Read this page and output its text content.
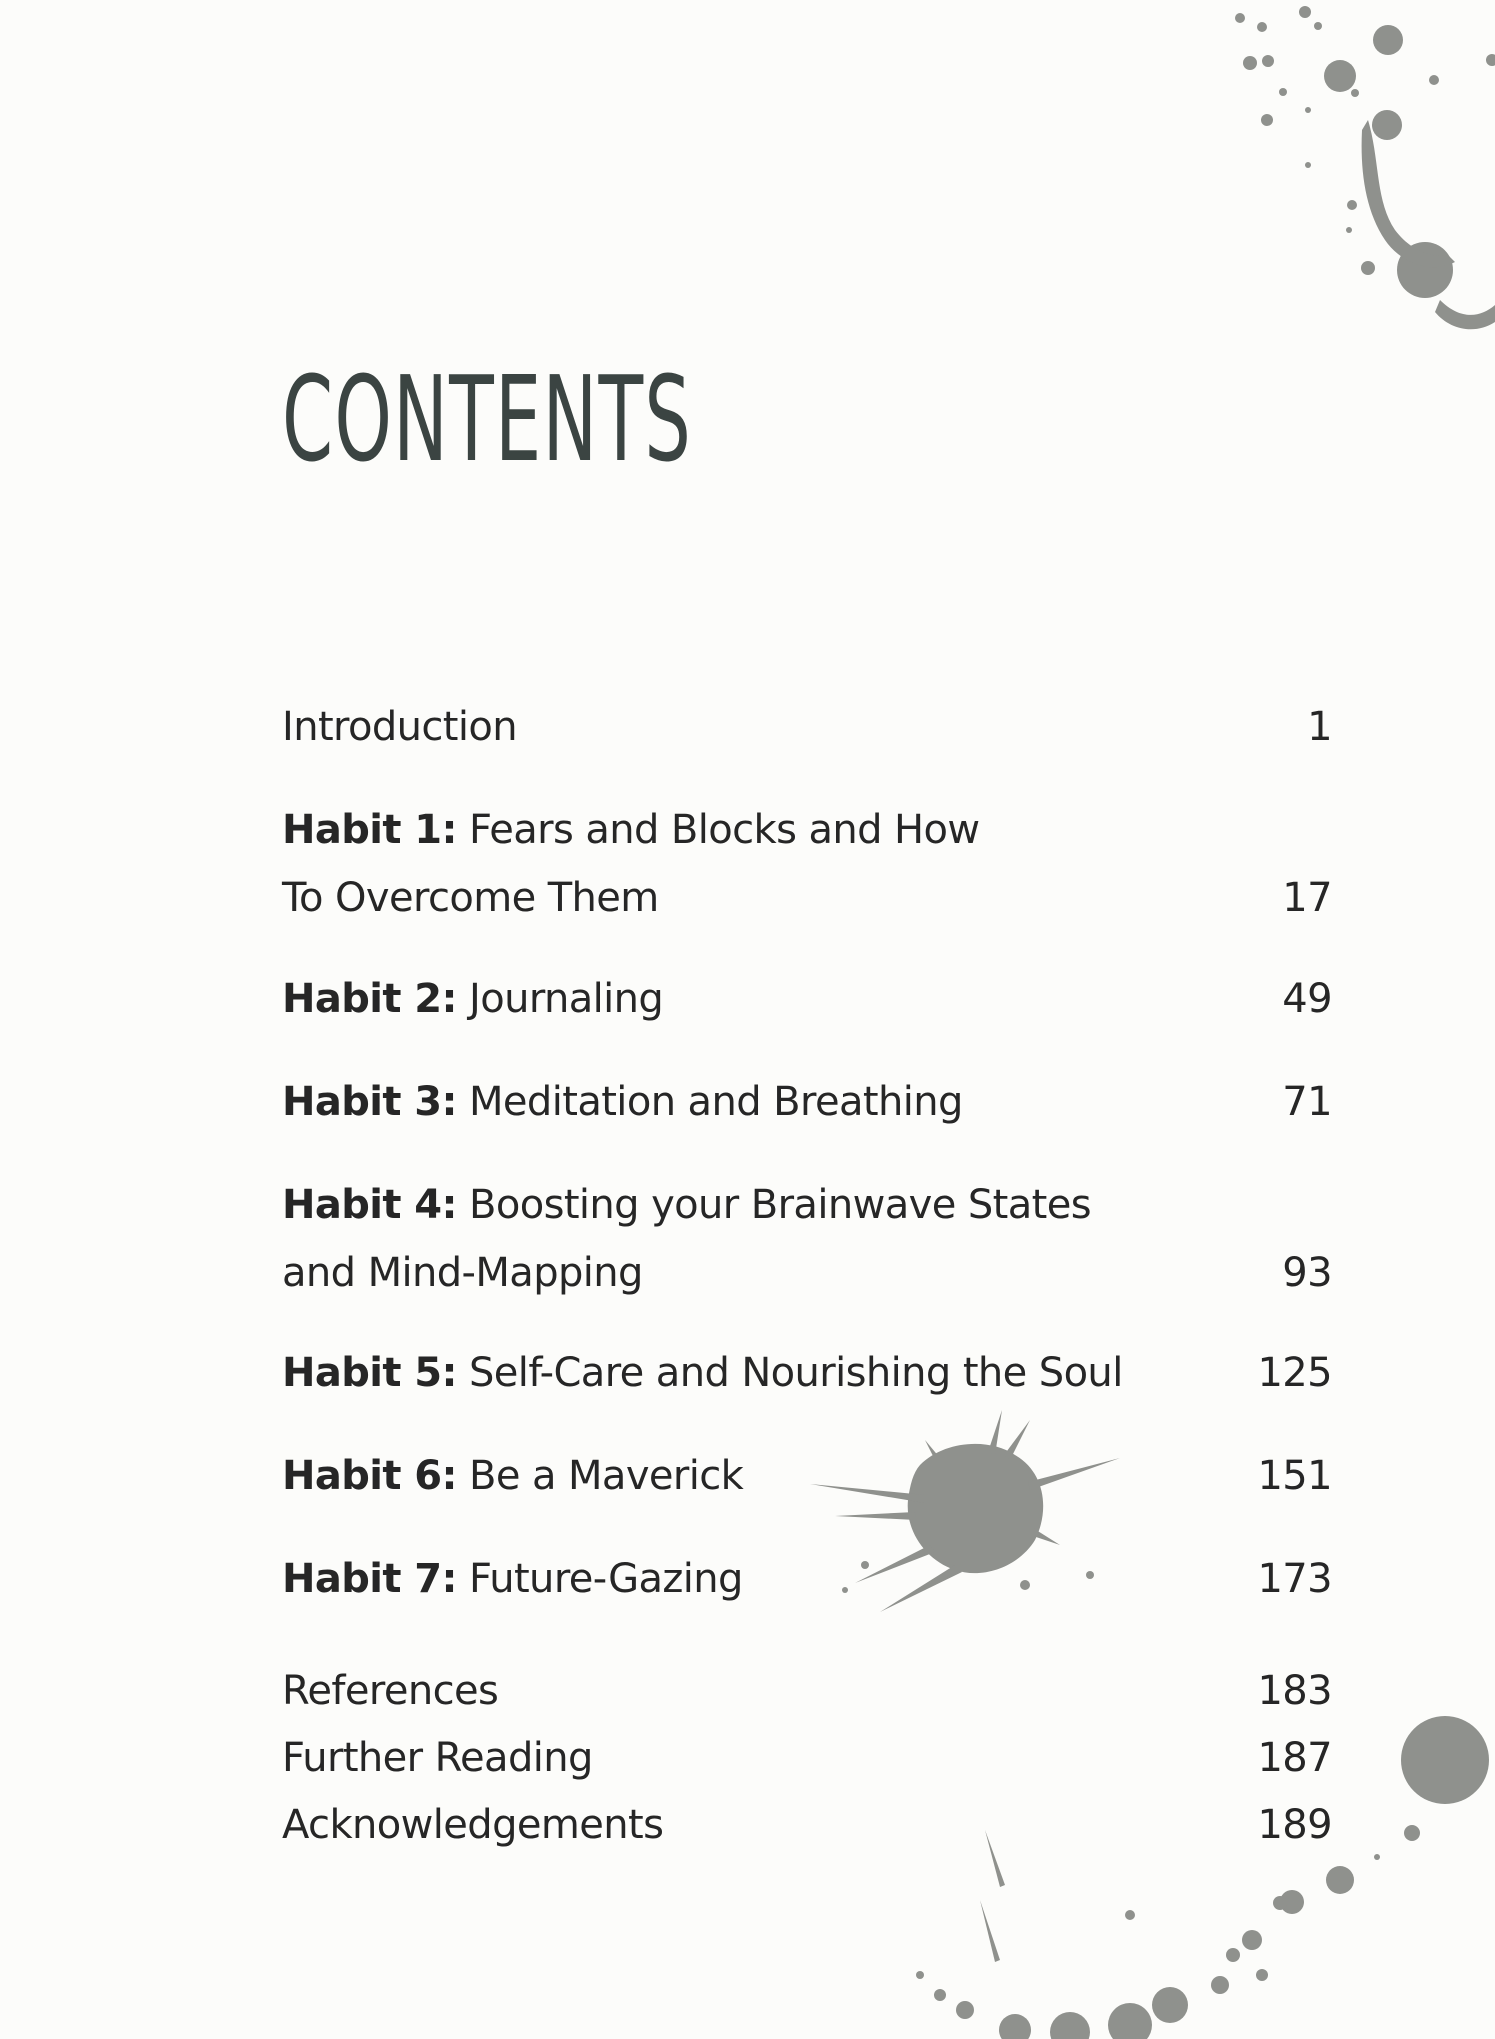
CONTENTS
Introduction	1
Habit 1: Fears and Blocks and How
To Overcome Them	17
Habit 2: Journaling	49
Habit 3: Meditation and Breathing	71
Habit 4: Boosting your Brainwave States
and Mind-Mapping	93
Habit 5: Self-Care and Nourishing the Soul	125
Habit 6: Be a Maverick	151
Habit 7: Future-Gazing	173
References	183
Further Reading	187
Acknowledgements	189
